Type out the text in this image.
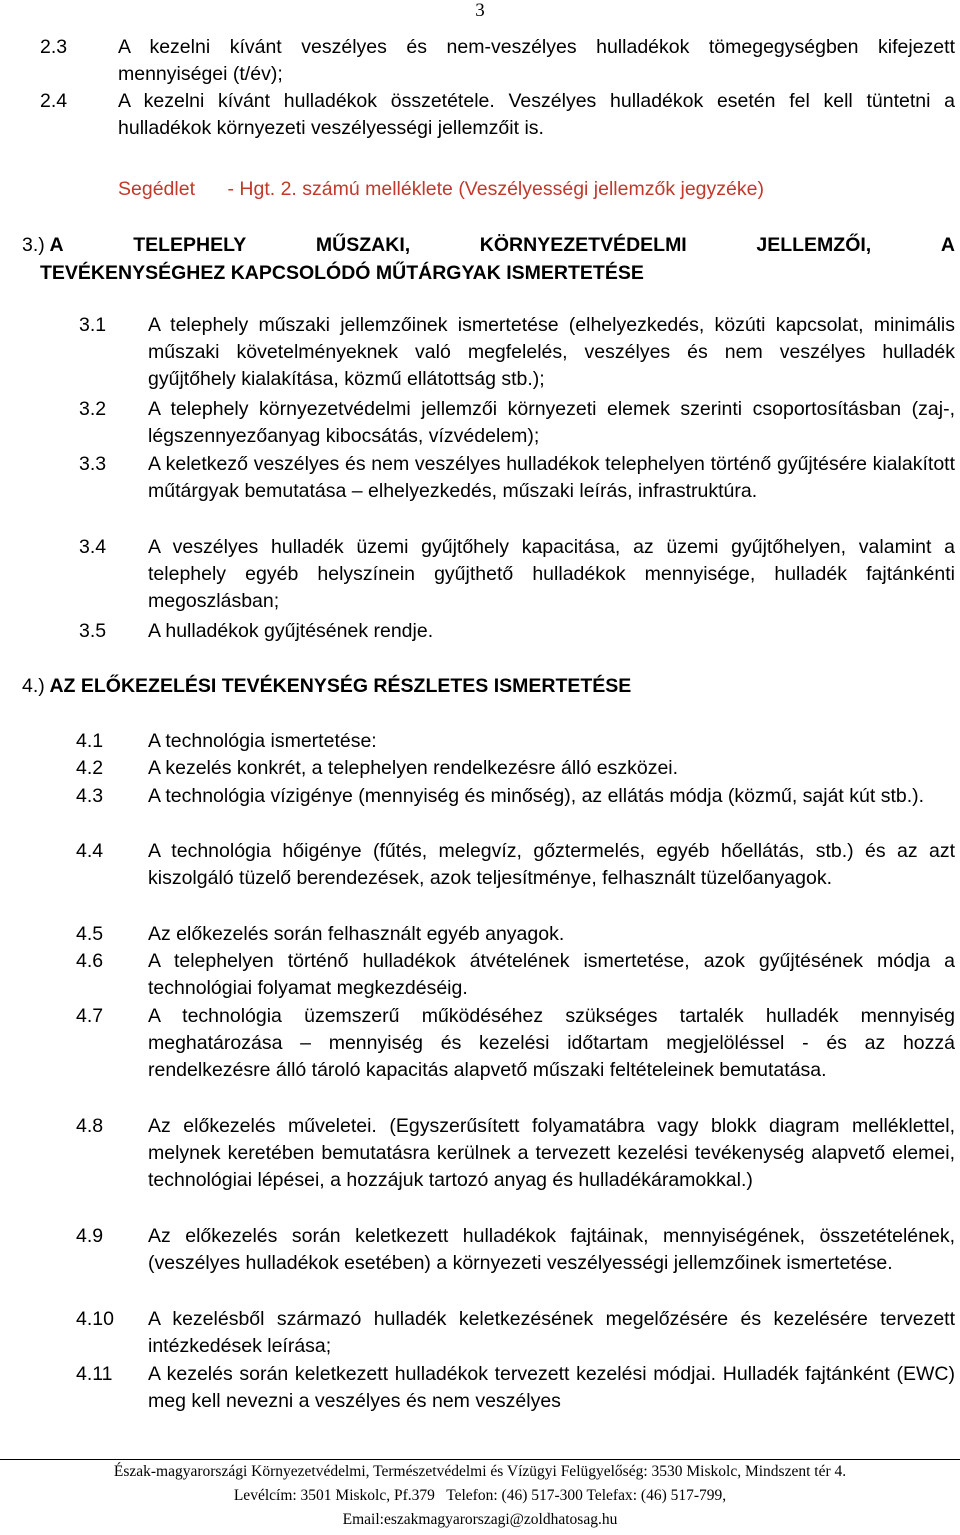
3
2.3	A kezelni kívánt veszélyes és nem-veszélyes hulladékok tömegegységben kifejezett mennyiségei (t/év);
2.4	A kezelni kívánt hulladékok összetétele. Veszélyes hulladékok esetén fel kell tüntetni a hulladékok környezeti veszélyességi jellemzőit is.
Segédlet      - Hgt. 2. számú melléklete (Veszélyességi jellemzők jegyzéke)
3.) A	TELEPHELY	MŰSZAKI,	KÖRNYEZETVÉDELMI	JELLEMZŐI,	A
TEVÉKENYSÉGHEZ KAPCSOLÓDÓ MŰTÁRGYAK ISMERTETÉSE
3.1	A telephely műszaki jellemzőinek ismertetése (elhelyezkedés, közúti kapcsolat, minimális műszaki követelményeknek való megfelelés, veszélyes és nem veszélyes hulladék gyűjtőhely kialakítása, közmű ellátottság stb.);
3.2	A telephely környezetvédelmi jellemzői környezeti elemek szerinti csoportosításban (zaj-, légszennyezőanyag kibocsátás, vízvédelem);
3.3	A keletkező veszélyes és nem veszélyes hulladékok telephelyen történő gyűjtésére kialakított műtárgyak bemutatása – elhelyezkedés, műszaki leírás, infrastruktúra.
3.4	A veszélyes hulladék üzemi gyűjtőhely kapacitása, az üzemi gyűjtőhelyen, valamint a telephely egyéb helyszínein gyűjthető hulladékok mennyisége, hulladék fajtánkénti megoszlásban;
3.5	A hulladékok gyűjtésének rendje.
4.) AZ ELŐKEZELÉSI TEVÉKENYSÉG RÉSZLETES ISMERTETÉSE
4.1	A technológia ismertetése:
4.2	A kezelés konkrét, a telephelyen rendelkezésre álló eszközei.
4.3	A technológia vízigénye (mennyiség és minőség), az ellátás módja (közmű, saját kút stb.).
4.4	A technológia hőigénye (fűtés, melegvíz, gőztermelés, egyéb hőellátás, stb.) és az azt kiszolgáló tüzelő berendezések, azok teljesítménye, felhasznált tüzelőanyagok.
4.5	Az előkezelés során felhasznált egyéb anyagok.
4.6	A telephelyen történő hulladékok átvételének ismertetése, azok gyűjtésének módja a technológiai folyamat megkezdéséig.
4.7	A technológia üzemszerű működéséhez szükséges tartalék hulladék mennyiség meghatározása – mennyiség és kezelési időtartam megjelöléssel - és az hozzá rendelkezésre álló tároló kapacitás alapvető műszaki feltételeinek bemutatása.
4.8	Az előkezelés műveletei. (Egyszerűsített folyamatábra vagy blokk diagram melléklettel, melynek keretében bemutatásra kerülnek a tervezett kezelési tevékenység alapvető elemei, technológiai lépései, a hozzájuk tartozó anyag és hulladékáramokkal.)
4.9	Az előkezelés során keletkezett hulladékok fajtáinak, mennyiségének, összetételének, (veszélyes hulladékok esetében) a környezeti veszélyességi jellemzőinek ismertetése.
4.10	A kezelésből származó hulladék keletkezésének megelőzésére és kezelésére tervezett intézkedések leírása;
4.11	A kezelés során keletkezett hulladékok tervezett kezelési módjai. Hulladék fajtánként (EWC) meg kell nevezni a veszélyes és nem veszélyes
Észak-magyarországi Környezetvédelmi, Természetvédelmi és Vízügyi Felügyelőség: 3530 Miskolc, Mindszent tér 4.
Levélcím: 3501 Miskolc, Pf.379   Telefon: (46) 517-300 Telefax: (46) 517-799,
Email:eszakmagyarorszagi@zoldhatosag.hu
